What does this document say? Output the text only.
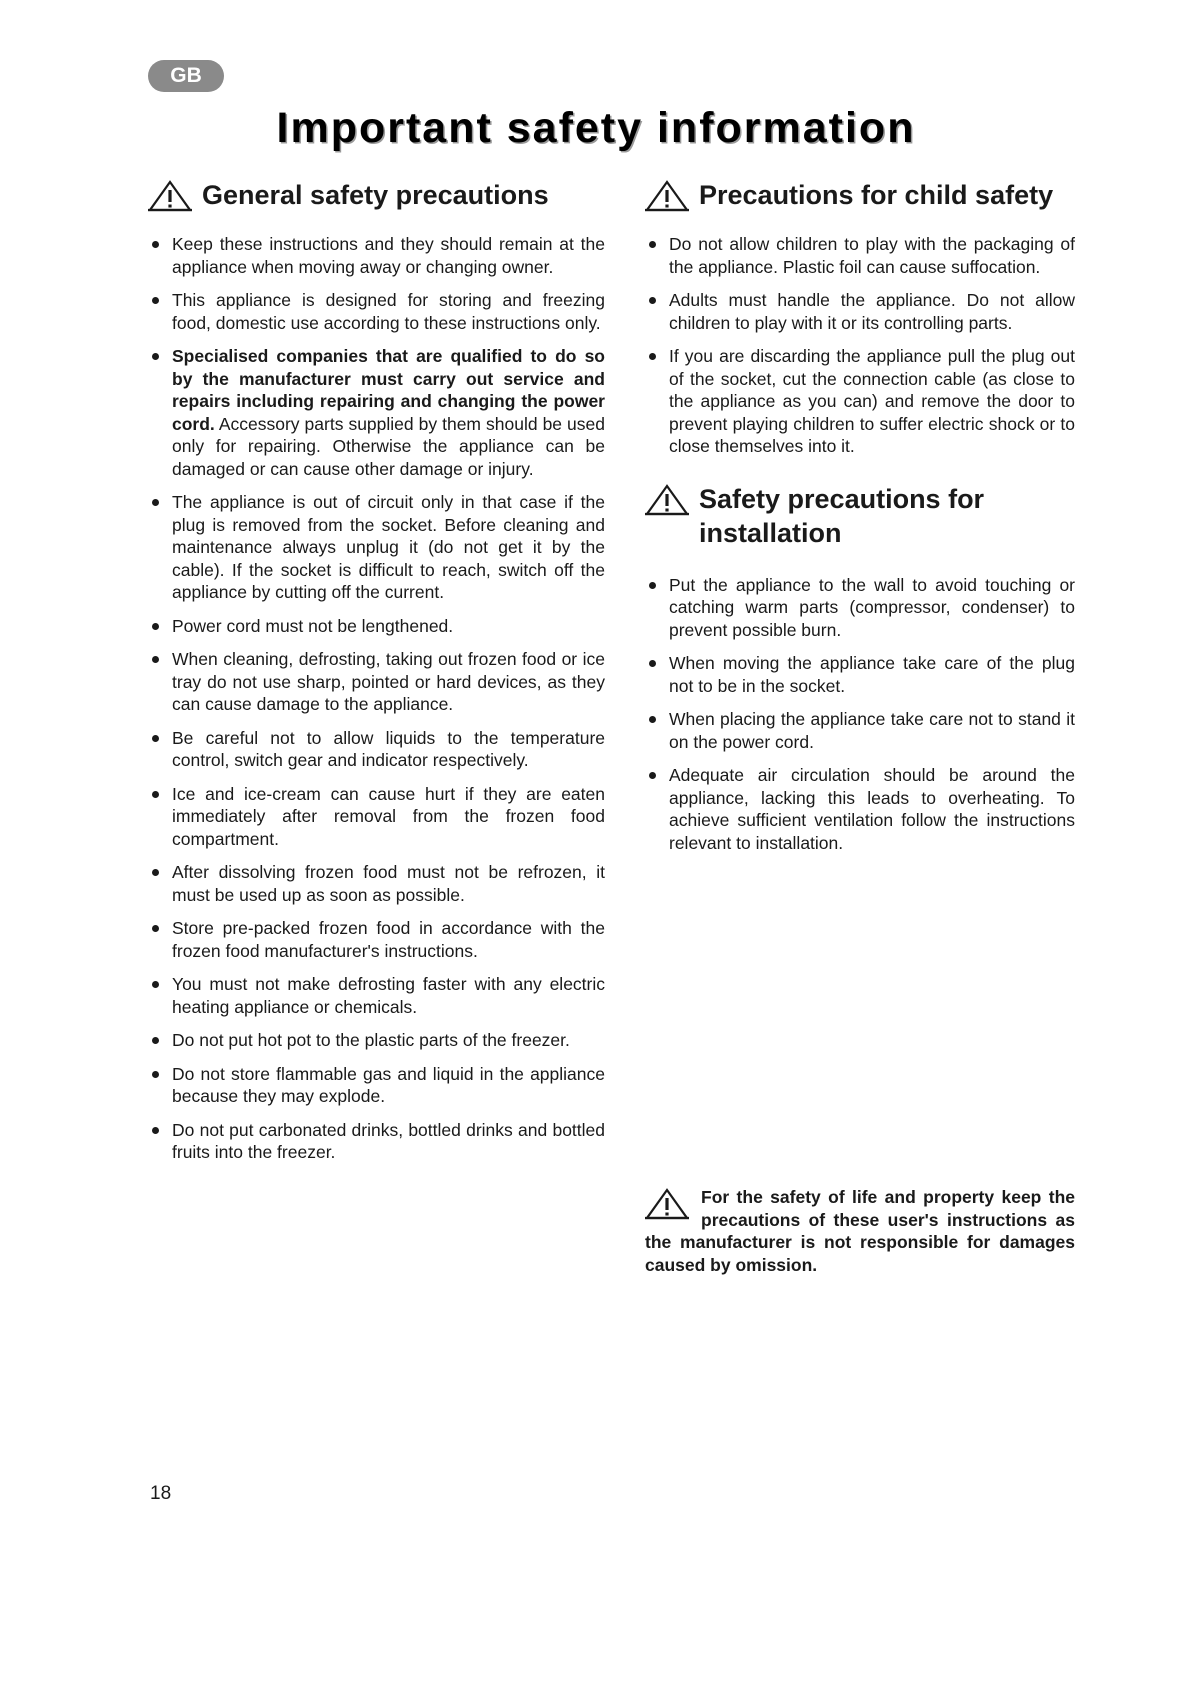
GB
Important safety information
General safety precautions
Keep these instructions and they should remain at the appliance when moving away or changing owner.
This appliance is designed for storing and freezing food, domestic use according to these instructions only.
Specialised companies that are qualified to do so by the manufacturer must carry out service and repairs including repairing and changing the power cord. Accessory parts supplied by them should be used only for repairing. Otherwise the appliance can be damaged or can cause other damage or injury.
The appliance is out of circuit only in that case if the plug is removed from the socket. Before cleaning and maintenance always unplug it (do not get it by the cable). If the socket is difficult to reach, switch off the appliance by cutting off the current.
Power cord must not be lengthened.
When cleaning, defrosting, taking out frozen food or ice tray do not use sharp, pointed or hard devices, as they can cause damage to the appliance.
Be careful not to allow liquids to the temperature control, switch gear and indicator respectively.
Ice and ice-cream can cause hurt if they are eaten immediately after removal from the frozen food compartment.
After dissolving frozen food must not be refrozen, it must be used up as soon as possible.
Store pre-packed frozen food in accordance with the frozen food manufacturer's instructions.
You must not make defrosting faster with any electric heating appliance or chemicals.
Do not put hot pot to the plastic parts of the freezer.
Do not store flammable gas and liquid in the appliance because they may explode.
Do not put carbonated drinks, bottled drinks and bottled fruits into the freezer.
Precautions for child safety
Do not allow children to play with the packaging of the appliance. Plastic foil can cause suffocation.
Adults must handle the appliance. Do not allow children to play with it or its controlling parts.
If you are discarding the appliance pull the plug out of the socket, cut the connection cable (as close to the appliance as you can) and remove the door to prevent playing children to suffer electric shock or to close themselves into it.
Safety precautions for
installation
Put the appliance to the wall to avoid touching or catching warm parts (compressor, condenser) to prevent possible burn.
When moving the appliance take care of the plug not to be in the socket.
When placing the appliance take care not to stand it on the power cord.
Adequate air circulation should be around the appliance, lacking this leads to overheating. To achieve sufficient ventilation follow the instructions relevant to installation.
For the safety of life and property keep the precautions of these user's instructions as the manufacturer is not responsible for damages caused by omission.
18
